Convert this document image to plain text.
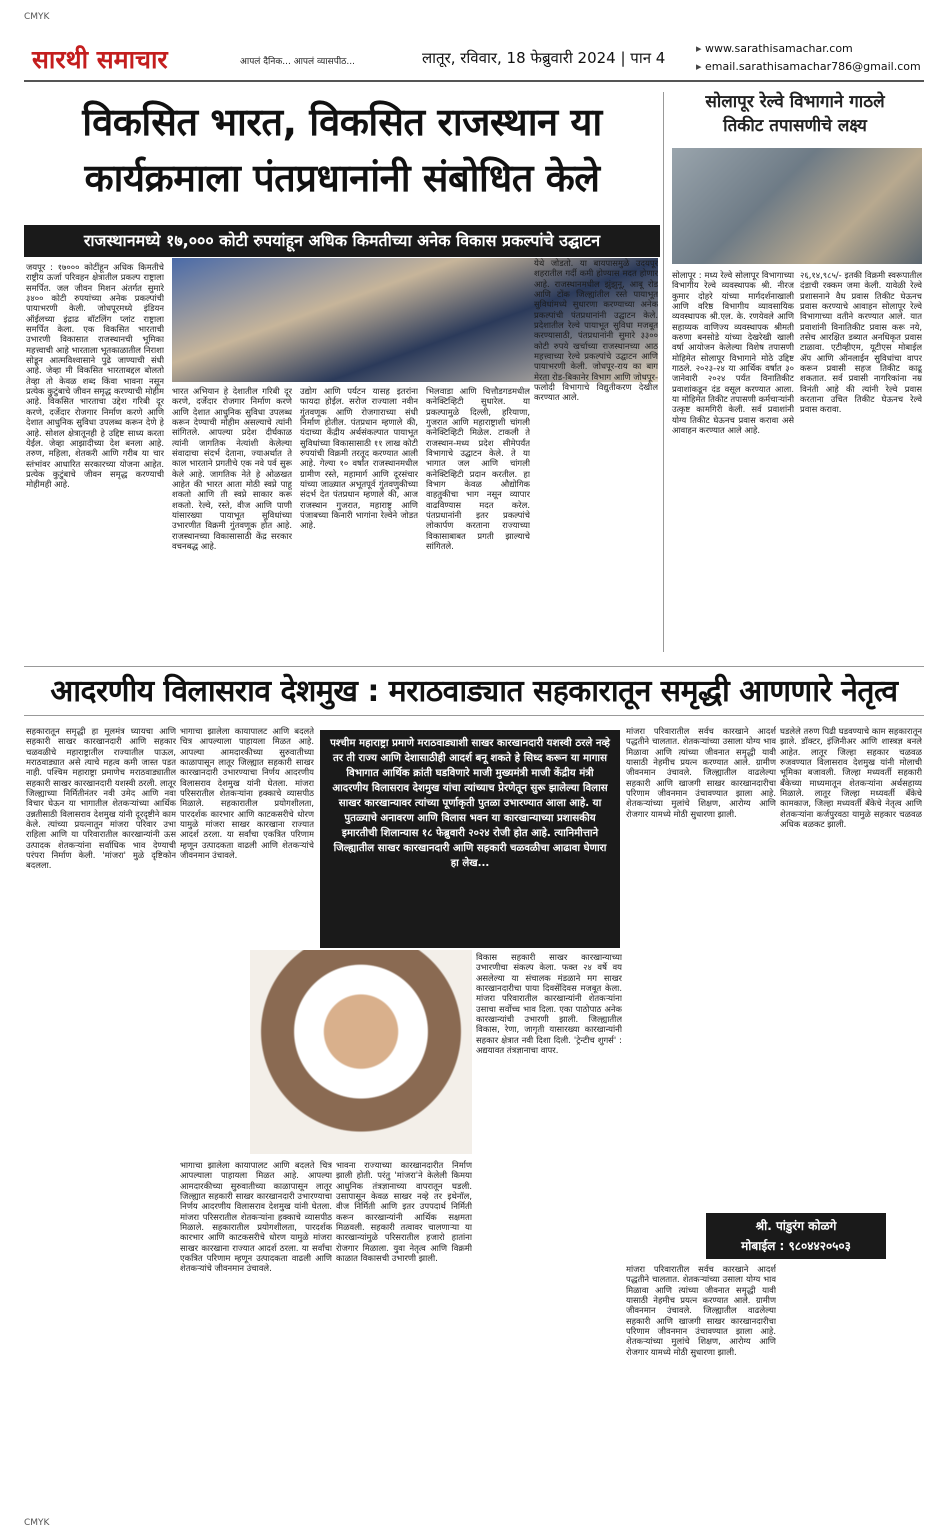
CMYK
सारथी समाचार	आपलं दैनिक... आपलं व्यासपीठ...	लातूर, रविवार, 18 फेब्रुवारी 2024 | पान 4
▸ www.sarathisamachar.com
▸ email.sarathisamachar786@gmail.com
विकसित भारत, विकसित राजस्थान या
कार्यक्रमाला पंतप्रधानांनी संबोधित केले
राजस्थानमध्ये १७,००० कोटी रुपयांहून अधिक किमतीच्या अनेक विकास प्रकल्पांचे उद्घाटन
सोलापूर रेल्वे विभागाने गाठले
तिकीट तपासणीचे लक्ष्य
जयपूर : १७००० कोटींहून अधिक किमतीचे राष्ट्रीय ऊर्जा परिवहन क्षेत्रातील प्रकल्प राष्ट्राला समर्पित. जल जीवन मिशन अंतर्गत सुमारे ३४०० कोटी रुपयांच्या अनेक प्रकल्पांची पायाभरणी केली. जोधपूरमध्ये इंडियन ऑईलच्या इंद्राढ बॉटलिंग प्लांट राष्ट्राला समर्पित केला. एक विकसित भारताची उभारणी विकासात राजस्थानची भूमिका महत्त्वाची आहे भारताला भूतकाळातील निराशा सोडून आत्मविश्वासाने पुढे जाण्याची संधी आहे. जेव्हा मी विकसित भारताबद्दल बोलतो तेव्हा तो केवळ शब्द किंवा भावना नसून प्रत्येक कुटुंबाचे जीवन समृद्ध करण्याची मोहीम आहे. विकसित भारताचा उद्देश गरिबी दूर करणे, दर्जेदार रोजगार निर्माण करणे आणि देशात आधुनिक सुविधा उपलब्ध करून देणे हे आहे. सोशल क्षेत्रातूनही हे उद्दिष्ट साध्य करता येईल. जेव्हा आझादीच्या देश बनला आहे. तरुण, महिला, शेतकरी आणि गरीब या चार स्तंभांवर आधारित सरकारच्या योजना आहेत. प्रत्येक कुटुंबाचे जीवन समृद्ध करण्याची मोहीमही आहे.
भारत अभियान हे देशातील गरिबी दूर करणे, दर्जेदार रोजगार निर्माण करणे आणि देशात आधुनिक सुविधा उपलब्ध करून देण्याची मोहीम असल्याचे त्यांनी सांगितले. आपल्या प्रदेश दीर्घकाळ त्यांनी जागतिक नेत्यांशी केलेल्या संवादाचा संदर्भ देताना, ज्याअर्थात ते काल भारताने प्रगतीचे एक नवे पर्व सुरू केले आहे. जागतिक नेते हे ओळखत आहेत की भारत आता मोठी स्वप्ने पाहू शकतो आणि ती स्वप्ने साकार करू शकतो. रेल्वे, रस्ते, वीज आणि पाणी यांसारख्या पायाभूत सुविधांच्या उभारणीत विक्रमी गुंतवणूक होत आहे. राजस्थानच्या विकासासाठी केंद्र सरकार वचनबद्ध आहे.
उद्योग आणि पर्यटन यासह इतरांना फायदा होईल. सरोज राज्याला नवीन गुंतवणूक आणि रोजगाराच्या संधी निर्माण होतील. पंतप्रधान म्हणाले की, यंदाच्या केंद्रीय अर्थसंकल्पात पायाभूत सुविधांच्या विकासासाठी ११ लाख कोटी रुपयांची विक्रमी तरतूद करण्यात आली आहे. गेल्या १० वर्षांत राजस्थानमधील ग्रामीण रस्ते, महामार्ग आणि दूरसंचार यांच्या जाळ्यात अभूतपूर्व गुंतवणुकीच्या संदर्भ देत पंतप्रधान म्हणाले की, आज राजस्थान गुजरात, महाराष्ट्र आणि पंजाबच्या किनारी भागांना रेल्वेने जोडत आहे.
भिलवाडा आणि चित्तौडगडमधील कनेक्टिव्हिटी सुधारेल. या प्रकल्पामुळे दिल्ली, हरियाणा, गुजरात आणि महाराष्ट्राशी चांगली कनेक्टिव्हिटी मिळेल. टाकली ते राजस्थान-मध्य प्रदेश सीमेपर्यंत विभागाचे उद्घाटन केले. ते या भागात जल आणि चांगली कनेक्टिव्हिटी प्रदान करतील. हा विभाग केवळ औद्योगिक वाहतुकीचा भाग नसून व्यापार वाढविण्यास मदत करेल. पंतप्रधानांनी इतर प्रकल्पांचे लोकार्पण करताना राज्याच्या विकासाबाबत प्रगती झाल्याचे सांगितले.
येथे जोडतो. या बायपासमुळे उदयपूर शहरातील गर्दी कमी होण्यास मदत होणार आहे. राजस्थानमधील झुंझुनू, आबू रोड आणि टोंक जिल्ह्यांतील रस्ते पायाभूत सुविधांमध्ये सुधारणा करण्याच्या अनेक प्रकल्पांची पंतप्रधानांनी उद्घाटन केले. प्रदेशातील रेल्वे पायाभूत सुविधा मजबूत करण्यासाठी, पंतप्रधानांनी सुमारे ३३०० कोटी रुपये खर्चाच्या राजस्थानच्या आठ महत्त्वाच्या रेल्वे प्रकल्पांचे उद्घाटन आणि पायाभरणी केली. जोधपूर-राय का बाग मेरता रोड-बिकानेर विभाग आणि जोधपूर-फलोदी विभागाचे विद्युतीकरण देखील करण्यात आले.
सोलापूर : मध्य रेल्वे सोलापूर विभागाच्या विभागीय रेल्वे व्यवस्थापक श्री. नीरज कुमार दोहरे यांच्या मार्गदर्शनाखाली आणि वरिष्ठ विभागीय व्यावसायिक व्यवस्थापक श्री.एल. के. रणयेवले आणि सहाय्यक वाणिज्य व्यवस्थापक श्रीमती करुणा बनसोडे यांच्या देखरेखी खाली वर्षा आयोजन केलेल्या विशेष तपासणी मोहिमेत सोलापूर विभागाने मोठे उद्दिष्ट गाठले. २०२३-२४ या आर्थिक वर्षात ३० जानेवारी २०२४ पर्यंत विनातिकीट प्रवाशांकडून दंड वसूल करण्यात आला. या मोहिमेत तिकीट तपासणी कर्मचाऱ्यांनी उत्कृष्ट कामगिरी केली. सर्व प्रवाशांनी योग्य तिकीट घेऊनच प्रवास करावा असे आवाहन करण्यात आले आहे.
२६,१४,९८५/- इतकी विक्रमी स्वरूपातील दंडाची रक्कम जमा केली. यावेळी रेल्वे प्रशासनाने वैध प्रवास तिकीट घेऊनच प्रवास करण्याचे आवाहन सोलापूर रेल्वे विभागाच्या वतीने करण्यात आले. यात प्रवाशांनी विनातिकीट प्रवास करू नये, तसेच आरक्षित डब्यात अनधिकृत प्रवास टाळावा. एटीव्हीएम, यूटीएस मोबाईल ॲप आणि ऑनलाईन सुविधांचा वापर करून प्रवासी सहज तिकीट काढू शकतात. सर्व प्रवासी नागरिकांना नम्र विनंती आहे की त्यांनी रेल्वे प्रवास करताना उचित तिकीट घेऊनच रेल्वे प्रवास करावा.
आदरणीय विलासराव देशमुख : मराठवाड्यात सहकारातून समृद्धी आणणारे नेतृत्व
पश्चीम महाराष्ट्रा प्रमाणे मराठवाड्याशी साखर कारखानदारी यशस्वी ठरले नव्हे तर ती राज्य आणि देशासाठीही आदर्श बनू शकते हे सिध्द करून या मागास विभागात आर्थिक क्रांती घडविणारे माजी मुख्यमंत्री माजी केंद्रीय मंत्री आदरणीय विलासराव देशमुख यांचा त्यांच्याच प्रेरणेतून सुरू झालेल्या विलास साखर कारखान्यावर त्यांच्या पूर्णाकृती पुतळा उभारण्यात आला आहे. या पुतळ्याचे अनावरण आणि विलास भवन या कारखान्याच्या प्रशासकीय इमारतीची शिलान्यास १८ फेब्रुवारी २०२४ रोजी होत आहे. त्यानिमीत्ताने जिल्ह्यातील साखर कारखानदारी आणि सहकारी चळवळीचा आढावा घेणारा हा लेख...
सहकारातून समृद्धी हा मूलमंत्र घ्यायचा आणि सहकारी साखर कारखानदारी आणि सहकार चळवळीचे महाराष्ट्रातील राज्यातील पाऊल, मराठवाड्यात असे त्याचे महत्व कमी जास्त पडत नाही. पश्चिम महाराष्ट्रा प्रमाणेच मराठवाड्यातील सहकारी साखर कारखानदारी यशस्वी ठरली. लातूर जिल्ह्याच्या निर्मितीनंतर नवी उमेद आणि नवा विचार घेऊन या भागातील शेतकऱ्यांच्या आर्थिक उन्नतीसाठी विलासराव देशमुख यांनी दूरदृष्टीने काम केले. त्यांच्या प्रयत्नातून मांजरा परिवार उभा राहिला आणि या परिवारातील कारखान्यांनी ऊस उत्पादक शेतकऱ्यांना सर्वाधिक भाव देण्याची परंपरा निर्माण केली. 'मांजरा' मुळे दृष्टिकोन बदलला.
भागाचा झालेला कायापालट आणि बदलते चित्र आपल्याला पाहायला मिळत आहे. आपल्या आमदारकीच्या सुरुवातीच्या काळापासून लातूर जिल्ह्यात सहकारी साखर कारखानदारी उभारण्याचा निर्णय आदरणीय विलासराव देशमुख यांनी घेतला. मांजरा परिसरातील शेतकऱ्यांना हक्काचे व्यासपीठ मिळाले. सहकारातील प्रयोगशीलता, पारदर्शक कारभार आणि काटकसरीचे धोरण यामुळे मांजरा साखर कारखाना राज्यात आदर्श ठरला. या सर्वांचा एकत्रित परिणाम म्हणून उत्पादकता वाढली आणि शेतकऱ्यांचे जीवनमान उंचावले.
भागाचा झालेला कायापालट आणि बदलते चित्र आपल्याला पाहायला मिळत आहे. आपल्या आमदारकीच्या सुरुवातीच्या काळापासून लातूर जिल्ह्यात सहकारी साखर कारखानदारी उभारण्याचा निर्णय आदरणीय विलासराव देशमुख यांनी घेतला. मांजरा परिसरातील शेतकऱ्यांना हक्काचे व्यासपीठ मिळाले. सहकारातील प्रयोगशीलता, पारदर्शक कारभार आणि काटकसरीचे धोरण यामुळे मांजरा साखर कारखाना राज्यात आदर्श ठरला. या सर्वांचा एकत्रित परिणाम म्हणून उत्पादकता वाढली आणि शेतकऱ्यांचे जीवनमान उंचावले.
भावना राज्याच्या कारखानदारीत निर्माण झाली होती. परंतु 'मांजरा'ने केलेली किमया आधुनिक तंत्रज्ञानाच्या वापरातून घडली. उसापासून केवळ साखर नव्हे तर इथेनॉल, वीज निर्मिती आणि इतर उपपदार्थ निर्मिती करून कारखान्यांनी आर्थिक सक्षमता मिळवली. सहकारी तत्वावर चालणाऱ्या या कारखान्यांमुळे परिसरातील हजारो हातांना रोजगार मिळाला. युवा नेतृत्व आणि विक्रमी काळात विकासची उभारणी झाली.
विकास सहकारी साखर कारखान्याच्या उभारणीचा संकल्प केला. फक्त २४ वर्षे वय असलेल्या या संचालक मंडळाने मग साखर कारखानदारीचा पाया दिवसेंदिवस मजबूत केला. मांजरा परिवारातील कारखान्यांनी शेतकऱ्यांना उसाचा सर्वोच्च भाव दिला. एका पाठोपाठ अनेक कारखान्यांची उभारणी झाली. जिल्ह्यातील विकास, रेणा, जागृती यासारख्या कारखान्यांनी सहकार क्षेत्रात नवी दिशा दिली. 'ट्रेन्टीच शुगर्स' : अद्ययावत तंत्रज्ञानाचा वापर.
मांजरा परिवारातील सर्वच कारखाने आदर्श पद्धतीने चालतात. शेतकऱ्यांच्या उसाला योग्य भाव मिळावा आणि त्यांच्या जीवनात समृद्धी यावी यासाठी नेहमीच प्रयत्न करण्यात आले. ग्रामीण जीवनमान उंचावले. जिल्ह्यातील वाढलेल्या सहकारी आणि खाजगी साखर कारखानदारीचा परिणाम जीवनमान उंचावण्यात झाला आहे. शेतकऱ्यांच्या मुलांचे शिक्षण, आरोग्य आणि रोजगार यामध्ये मोठी सुधारणा झाली.
घडलेले तरुण पिढी घडवण्याचे काम सहकारातून झाले. डॉक्टर, इंजिनीअर आणि शास्त्रज्ञ बनले आहेत. लातूर जिल्हा सहकार चळवळ रुजवण्यात विलासराव देशमुख यांनी मोलाची भूमिका बजावली. जिल्हा मध्यवर्ती सहकारी बँकेच्या माध्यमातून शेतकऱ्यांना अर्थसहाय्य मिळाले. लातूर जिल्हा मध्यवर्ती बँकेचे कामकाज, जिल्हा मध्यवर्ती बँकेचे नेतृत्व आणि शेतकऱ्यांना कर्जपुरवठा यामुळे सहकार चळवळ अधिक बळकट झाली.
मांजरा परिवारातील सर्वच कारखाने आदर्श पद्धतीने चालतात. शेतकऱ्यांच्या उसाला योग्य भाव मिळावा आणि त्यांच्या जीवनात समृद्धी यावी यासाठी नेहमीच प्रयत्न करण्यात आले. ग्रामीण जीवनमान उंचावले. जिल्ह्यातील वाढलेल्या सहकारी आणि खाजगी साखर कारखानदारीचा परिणाम जीवनमान उंचावण्यात झाला आहे. शेतकऱ्यांच्या मुलांचे शिक्षण, आरोग्य आणि रोजगार यामध्ये मोठी सुधारणा झाली.
श्री. पांडुरंग कोळगे
मोबाईल : ९८०४४२०५०३
CMYK
